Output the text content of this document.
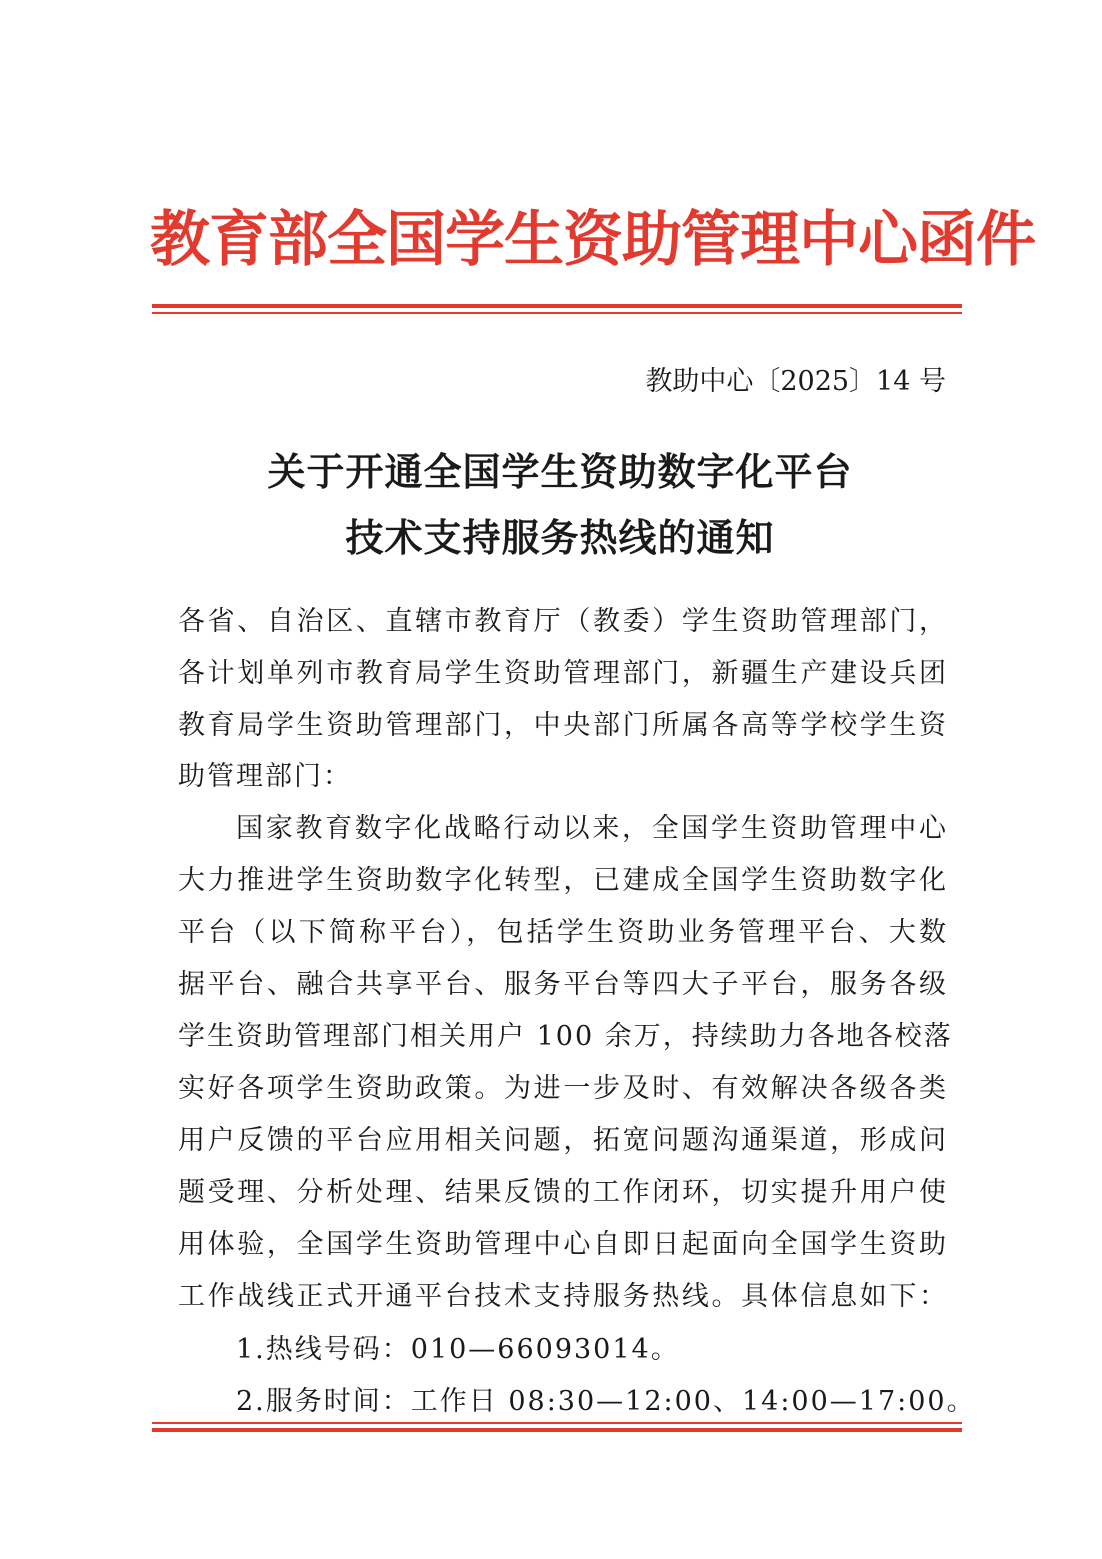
教育部全国学生资助管理中心函件
教助中心〔2025〕14 号
关于开通全国学生资助数字化平台
技术支持服务热线的通知
各省、自治区、直辖市教育厅（教委）学生资助管理部门，
各计划单列市教育局学生资助管理部门，新疆生产建设兵团
教育局学生资助管理部门，中央部门所属各高等学校学生资
助管理部门：
国家教育数字化战略行动以来，全国学生资助管理中心
大力推进学生资助数字化转型，已建成全国学生资助数字化
平台（以下简称平台），包括学生资助业务管理平台、大数
据平台、融合共享平台、服务平台等四大子平台，服务各级
学生资助管理部门相关用户 100 余万，持续助力各地各校落
实好各项学生资助政策。为进一步及时、有效解决各级各类
用户反馈的平台应用相关问题，拓宽问题沟通渠道，形成问
题受理、分析处理、结果反馈的工作闭环，切实提升用户使
用体验，全国学生资助管理中心自即日起面向全国学生资助
工作战线正式开通平台技术支持服务热线。具体信息如下：
1.热线号码：010—66093014。
2.服务时间：工作日 08:30—12:00、14:00—17:00。
